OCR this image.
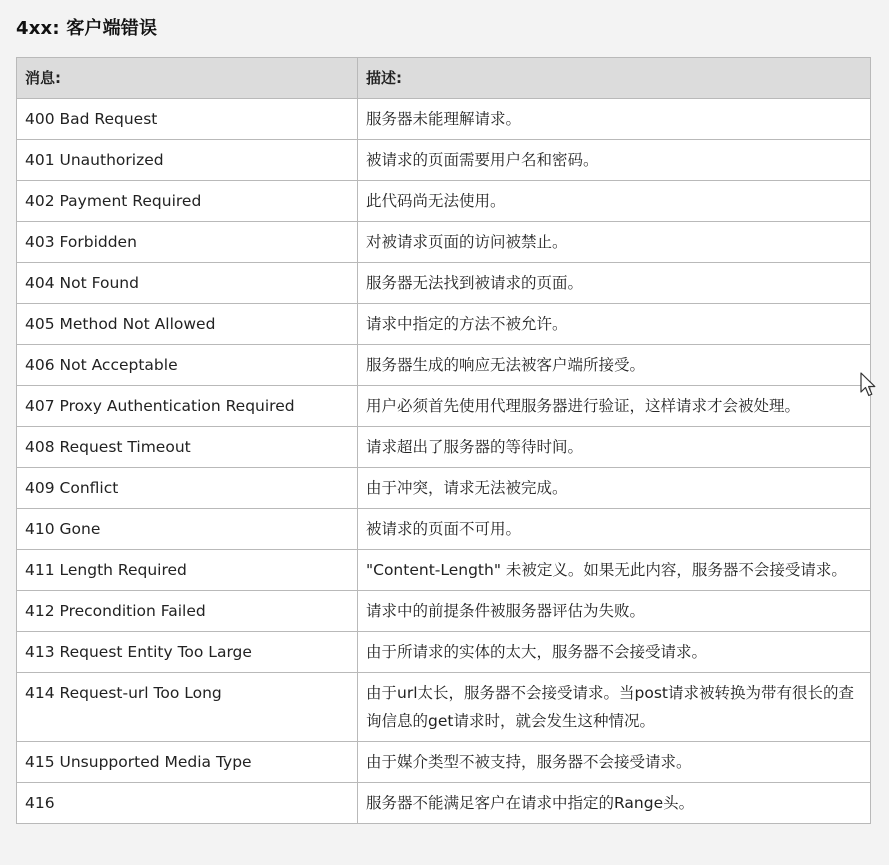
4xx: 客户端错误
消息:	描述:
400 Bad Request	服务器未能理解请求。
401 Unauthorized	被请求的页面需要用户名和密码。
402 Payment Required	此代码尚无法使用。
403 Forbidden	对被请求页面的访问被禁止。
404 Not Found	服务器无法找到被请求的页面。
405 Method Not Allowed	请求中指定的方法不被允许。
406 Not Acceptable	服务器生成的响应无法被客户端所接受。
407 Proxy Authentication Required	用户必须首先使用代理服务器进行验证，这样请求才会被处理。
408 Request Timeout	请求超出了服务器的等待时间。
409 Conflict	由于冲突，请求无法被完成。
410 Gone	被请求的页面不可用。
411 Length Required	"Content-Length" 未被定义。如果无此内容，服务器不会接受请求。
412 Precondition Failed	请求中的前提条件被服务器评估为失败。
413 Request Entity Too Large	由于所请求的实体的太大，服务器不会接受请求。
414 Request-url Too Long	由于url太长，服务器不会接受请求。当post请求被转换为带有很长的查询信息的get请求时，就会发生这种情况。
415 Unsupported Media Type	由于媒介类型不被支持，服务器不会接受请求。
416	服务器不能满足客户在请求中指定的Range头。
